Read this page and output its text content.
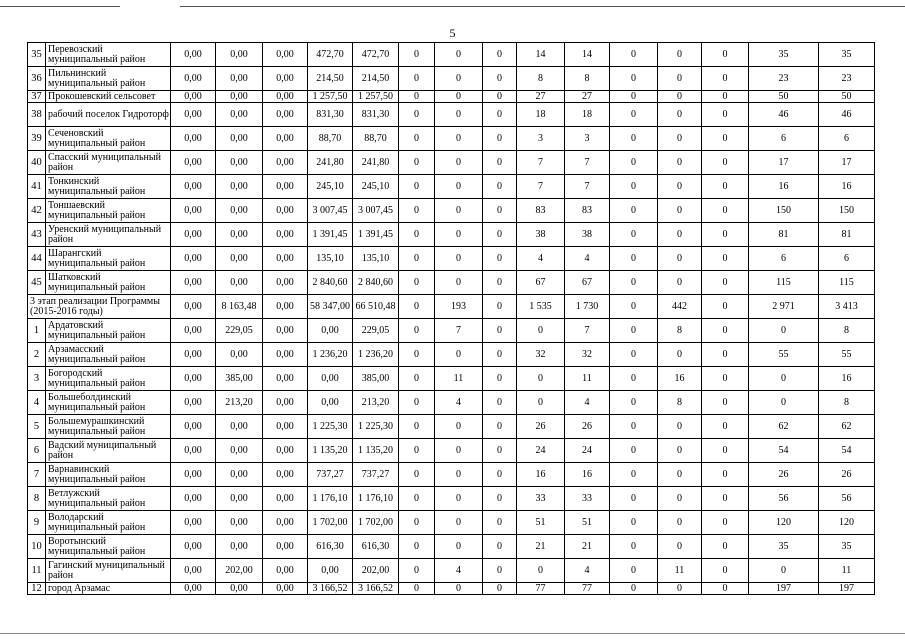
5
35	Перевозский муниципальный район	0,00	0,00	0,00	472,70	472,70	0	0	0	14	14	0	0	0	35	35
36	Пильнинский муниципальный район	0,00	0,00	0,00	214,50	214,50	0	0	0	8	8	0	0	0	23	23
37	Прокошевский сельсовет	0,00	0,00	0,00	1 257,50	1 257,50	0	0	0	27	27	0	0	0	50	50
38	рабочий поселок Гидроторф	0,00	0,00	0,00	831,30	831,30	0	0	0	18	18	0	0	0	46	46
39	Сеченовский муниципальный район	0,00	0,00	0,00	88,70	88,70	0	0	0	3	3	0	0	0	6	6
40	Спасский муниципальный район	0,00	0,00	0,00	241,80	241,80	0	0	0	7	7	0	0	0	17	17
41	Тонкинский муниципальный район	0,00	0,00	0,00	245,10	245,10	0	0	0	7	7	0	0	0	16	16
42	Тоншаевский муниципальный район	0,00	0,00	0,00	3 007,45	3 007,45	0	0	0	83	83	0	0	0	150	150
43	Уренский муниципальный район	0,00	0,00	0,00	1 391,45	1 391,45	0	0	0	38	38	0	0	0	81	81
44	Шарангский муниципальный район	0,00	0,00	0,00	135,10	135,10	0	0	0	4	4	0	0	0	6	6
45	Шатковский муниципальный район	0,00	0,00	0,00	2 840,60	2 840,60	0	0	0	67	67	0	0	0	115	115
3 этап реализации Программы (2015-2016 годы)		0,00	8 163,48	0,00	58 347,00	66 510,48	0	193	0	1 535	1 730	0	442	0	2 971	3 413
1	Ардатовский муниципальный район	0,00	229,05	0,00	0,00	229,05	0	7	0	0	7	0	8	0	0	8
2	Арзамасский муниципальный район	0,00	0,00	0,00	1 236,20	1 236,20	0	0	0	32	32	0	0	0	55	55
3	Богородский муниципальный район	0,00	385,00	0,00	0,00	385,00	0	11	0	0	11	0	16	0	0	16
4	Большеболдинский муниципальный район	0,00	213,20	0,00	0,00	213,20	0	4	0	0	4	0	8	0	0	8
5	Большемурашкинский муниципальный район	0,00	0,00	0,00	1 225,30	1 225,30	0	0	0	26	26	0	0	0	62	62
6	Вадский муниципальный район	0,00	0,00	0,00	1 135,20	1 135,20	0	0	0	24	24	0	0	0	54	54
7	Варнавинский муниципальный район	0,00	0,00	0,00	737,27	737,27	0	0	0	16	16	0	0	0	26	26
8	Ветлужский муниципальный район	0,00	0,00	0,00	1 176,10	1 176,10	0	0	0	33	33	0	0	0	56	56
9	Володарский муниципальный район	0,00	0,00	0,00	1 702,00	1 702,00	0	0	0	51	51	0	0	0	120	120
10	Воротынский муниципальный район	0,00	0,00	0,00	616,30	616,30	0	0	0	21	21	0	0	0	35	35
11	Гагинский муниципальный район	0,00	202,00	0,00	0,00	202,00	0	4	0	0	4	0	11	0	0	11
12	город Арзамас	0,00	0,00	0,00	3 166,52	3 166,52	0	0	0	77	77	0	0	0	197	197
